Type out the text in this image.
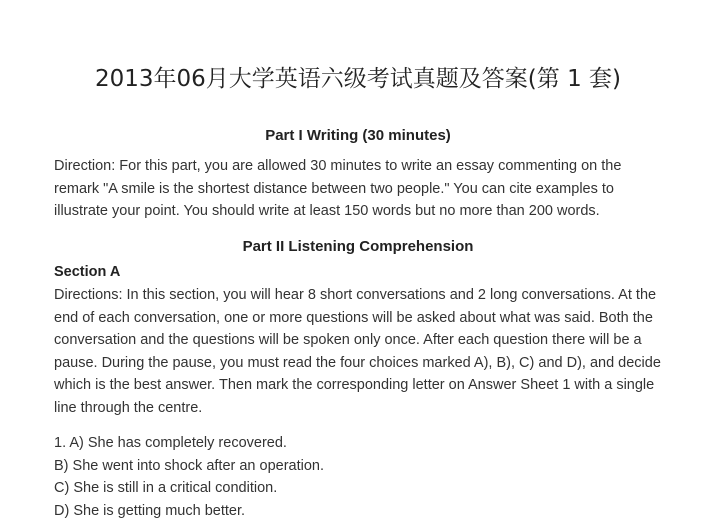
2013年06月大学英语六级考试真题及答案(第 1 套)
Part I Writing (30 minutes)

Direction: For this part, you are allowed 30 minutes to write an essay commenting on the remark "A smile is the shortest distance between two people." You can cite examples to illustrate your point. You should write at least 150 words but no more than 200 words.

Part II Listening Comprehension
Section A

Directions: In this section, you will hear 8 short conversations and 2 long conversations. At the end of each conversation, one or more questions will be asked about what was said. Both the conversation and the questions will be spoken only once. After each question there will be a pause. During the pause, you must read the four choices marked A), B), C) and D), and decide which is the best answer. Then mark the corresponding letter on Answer Sheet 1 with a single line through the centre.

1. A) She has completely recovered.
B) She went into shock after an operation.
C) She is still in a critical condition.
D) She is getting much better.
